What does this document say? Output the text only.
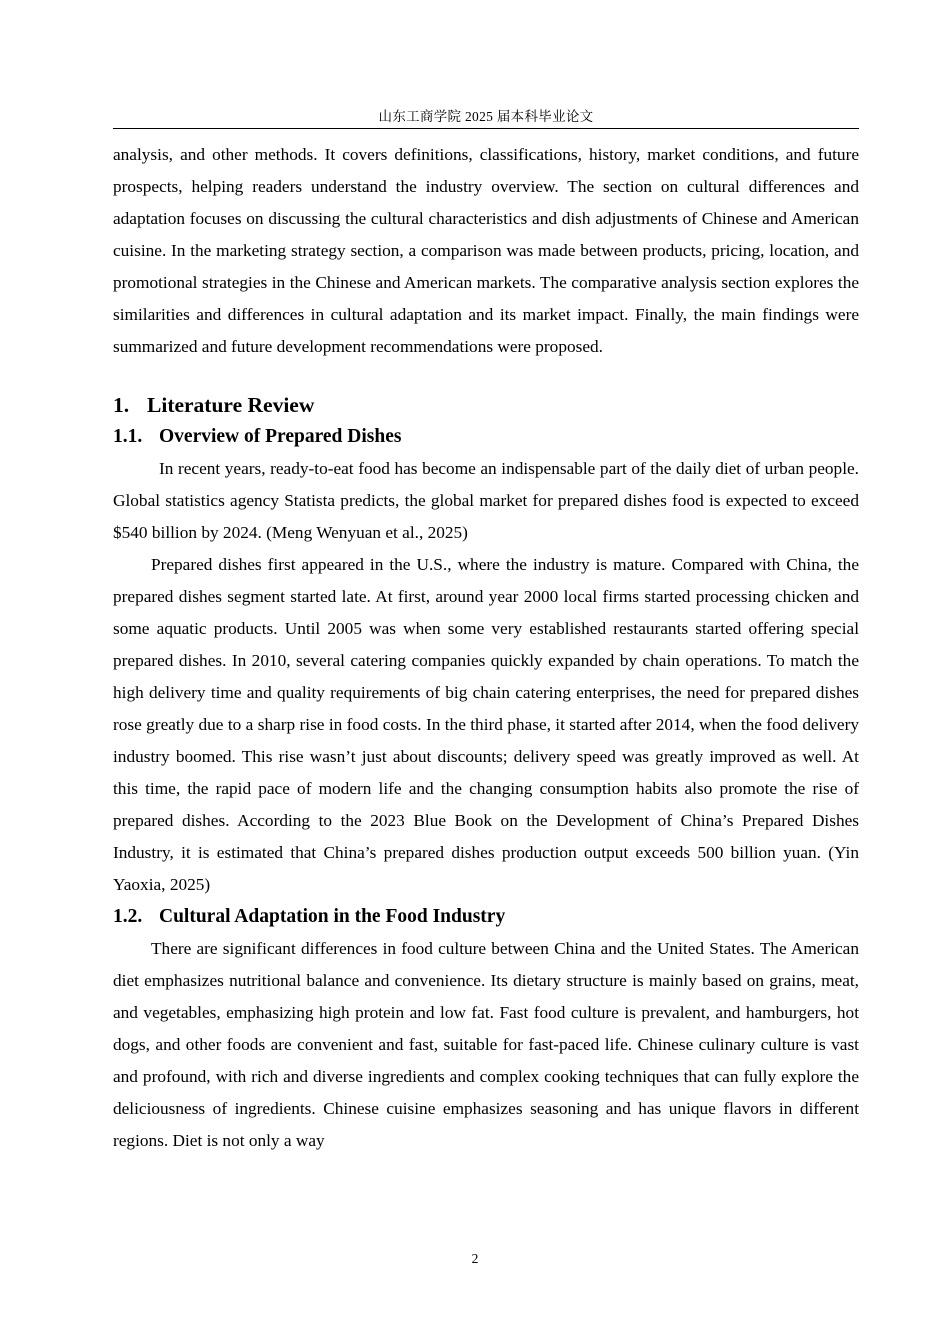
山东工商学院 2025 届本科毕业论文

analysis, and other methods. It covers definitions, classifications, history, market conditions, and future prospects, helping readers understand the industry overview. The section on cultural differences and adaptation focuses on discussing the cultural characteristics and dish adjustments of Chinese and American cuisine. In the marketing strategy section, a comparison was made between products, pricing, location, and promotional strategies in the Chinese and American markets. The comparative analysis section explores the similarities and differences in cultural adaptation and its market impact. Finally, the main findings were summarized and future development recommendations were proposed.

1. Literature Review
1.1. Overview of Prepared Dishes

In recent years, ready-to-eat food has become an indispensable part of the daily diet of urban people. Global statistics agency Statista predicts, the global market for prepared dishes food is expected to exceed $540 billion by 2024. (Meng Wenyuan et al., 2025)

Prepared dishes first appeared in the U.S., where the industry is mature. Compared with China, the prepared dishes segment started late. At first, around year 2000 local firms started processing chicken and some aquatic products. Until 2005 was when some very established restaurants started offering special prepared dishes. In 2010, several catering companies quickly expanded by chain operations. To match the high delivery time and quality requirements of big chain catering enterprises, the need for prepared dishes rose greatly due to a sharp rise in food costs. In the third phase, it started after 2014, when the food delivery industry boomed. This rise wasn’t just about discounts; delivery speed was greatly improved as well. At this time, the rapid pace of modern life and the changing consumption habits also promote the rise of prepared dishes. According to the 2023 Blue Book on the Development of China’s Prepared Dishes Industry, it is estimated that China’s prepared dishes production output exceeds 500 billion yuan. (Yin Yaoxia, 2025)

1.2. Cultural Adaptation in the Food Industry

There are significant differences in food culture between China and the United States. The American diet emphasizes nutritional balance and convenience. Its dietary structure is mainly based on grains, meat, and vegetables, emphasizing high protein and low fat. Fast food culture is prevalent, and hamburgers, hot dogs, and other foods are convenient and fast, suitable for fast-paced life. Chinese culinary culture is vast and profound, with rich and diverse ingredients and complex cooking techniques that can fully explore the deliciousness of ingredients. Chinese cuisine emphasizes seasoning and has unique flavors in different regions. Diet is not only a way

2
